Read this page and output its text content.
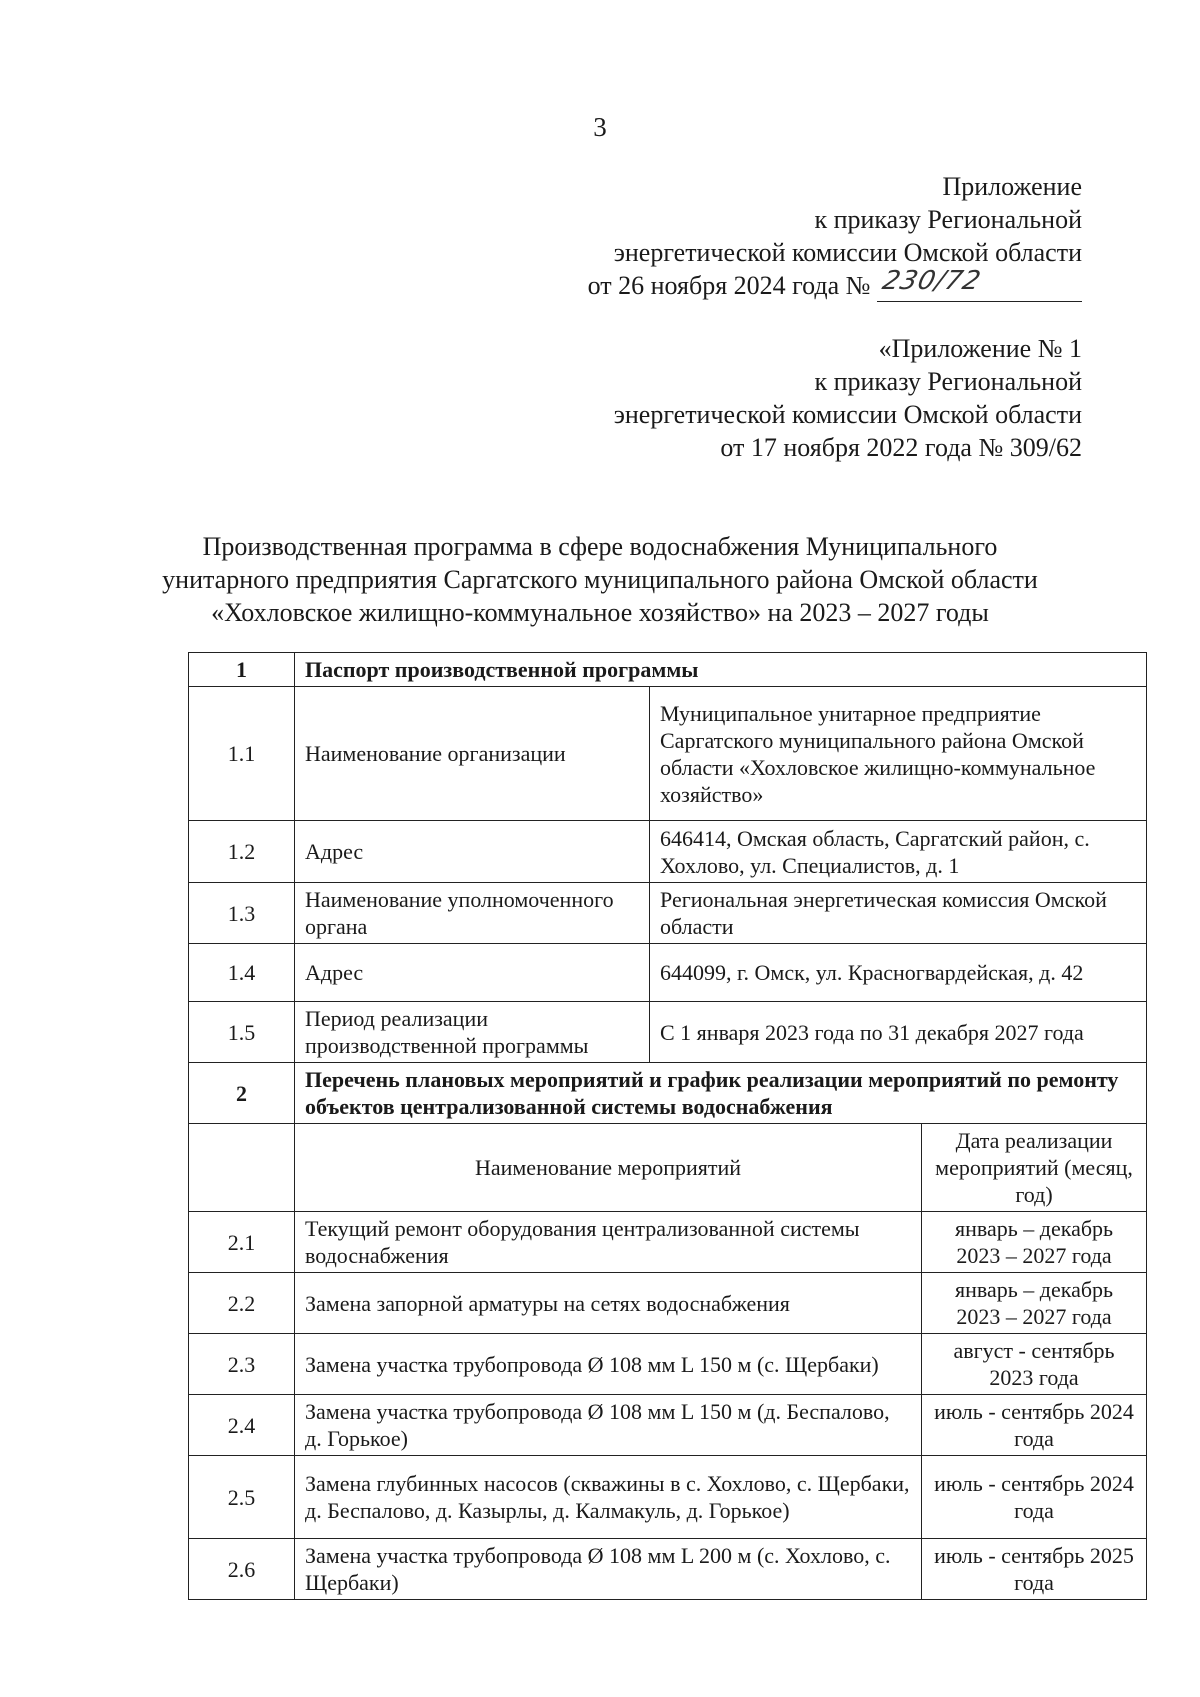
3
Приложение
к приказу Региональной
энергетической комиссии Омской области
от 26 ноября 2024 года № 230/72
«Приложение № 1
к приказу Региональной
энергетической комиссии Омской области
от 17 ноября 2022 года № 309/62
Производственная программа в сфере водоснабжения Муниципального
унитарного предприятия Саргатского муниципального района Омской области
«Хохловское жилищно-коммунальное хозяйство» на 2023 – 2027 годы
1	Паспорт производственной программы		
1.1	Наименование организации	Муниципальное унитарное предприятие Саргатского муниципального района Омской области «Хохловское жилищно-коммунальное хозяйство»	
1.2	Адрес	646414, Омская область, Саргатский район, с. Хохлово, ул. Специалистов, д. 1	
1.3	Наименование уполномоченного органа	Региональная энергетическая комиссия Омской области	
1.4	Адрес	644099, г. Омск, ул. Красногвардейская, д. 42	
1.5	Период реализации производственной программы	С 1 января 2023 года по 31 декабря 2027 года	
2	Перечень плановых мероприятий и график реализации мероприятий по ремонту объектов централизованной системы водоснабжения		
	Наименование мероприятий		Дата реализации мероприятий (месяц, год)
2.1	Текущий ремонт оборудования централизованной системы водоснабжения		январь – декабрь 2023 – 2027 года
2.2	Замена запорной арматуры на сетях водоснабжения		январь – декабрь 2023 – 2027 года
2.3	Замена участка трубопровода Ø 108 мм L 150 м (с. Щербаки)		август - сентябрь 2023 года
2.4	Замена участка трубопровода Ø 108 мм L 150 м (д. Беспалово, д. Горькое)		июль - сентябрь 2024 года
2.5	Замена глубинных насосов (скважины в с. Хохлово, с. Щербаки, д. Беспалово, д. Казырлы, д. Калмакуль, д. Горькое)		июль - сентябрь 2024 года
2.6	Замена участка трубопровода Ø 108 мм L 200 м (с. Хохлово, с. Щербаки)		июль - сентябрь 2025 года
